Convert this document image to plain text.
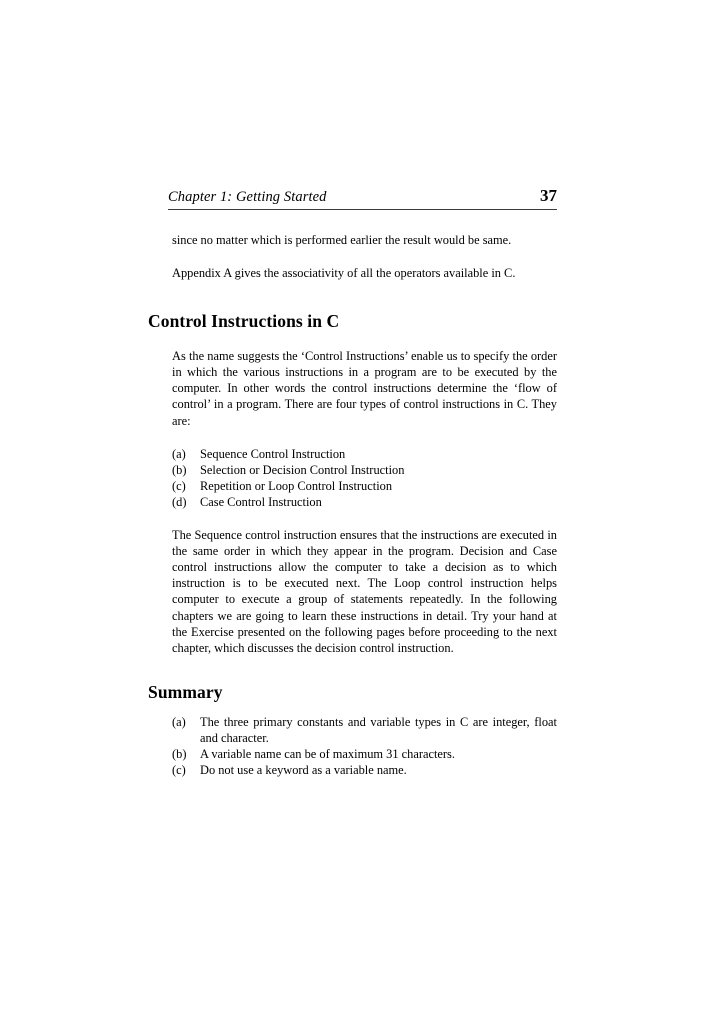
Chapter 1: Getting Started	37

since no matter which is performed earlier the result would be same.

Appendix A gives the associativity of all the operators available in C.

Control Instructions in C

As the name suggests the ‘Control Instructions’ enable us to specify the order in which the various instructions in a program are to be executed by the computer. In other words the control instructions determine the ‘flow of control’ in a program. There are four types of control instructions in C. They are:

(a)	Sequence Control Instruction
(b)	Selection or Decision Control Instruction
(c)	Repetition or Loop Control Instruction
(d)	Case Control Instruction

The Sequence control instruction ensures that the instructions are executed in the same order in which they appear in the program. Decision and Case control instructions allow the computer to take a decision as to which instruction is to be executed next. The Loop control instruction helps computer to execute a group of statements repeatedly. In the following chapters we are going to learn these instructions in detail. Try your hand at the Exercise presented on the following pages before proceeding to the next chapter, which discusses the decision control instruction.

Summary
(a)	The three primary constants and variable types in C are integer, float and character.
(b)	A variable name can be of maximum 31 characters.
(c)	Do not use a keyword as a variable name.
